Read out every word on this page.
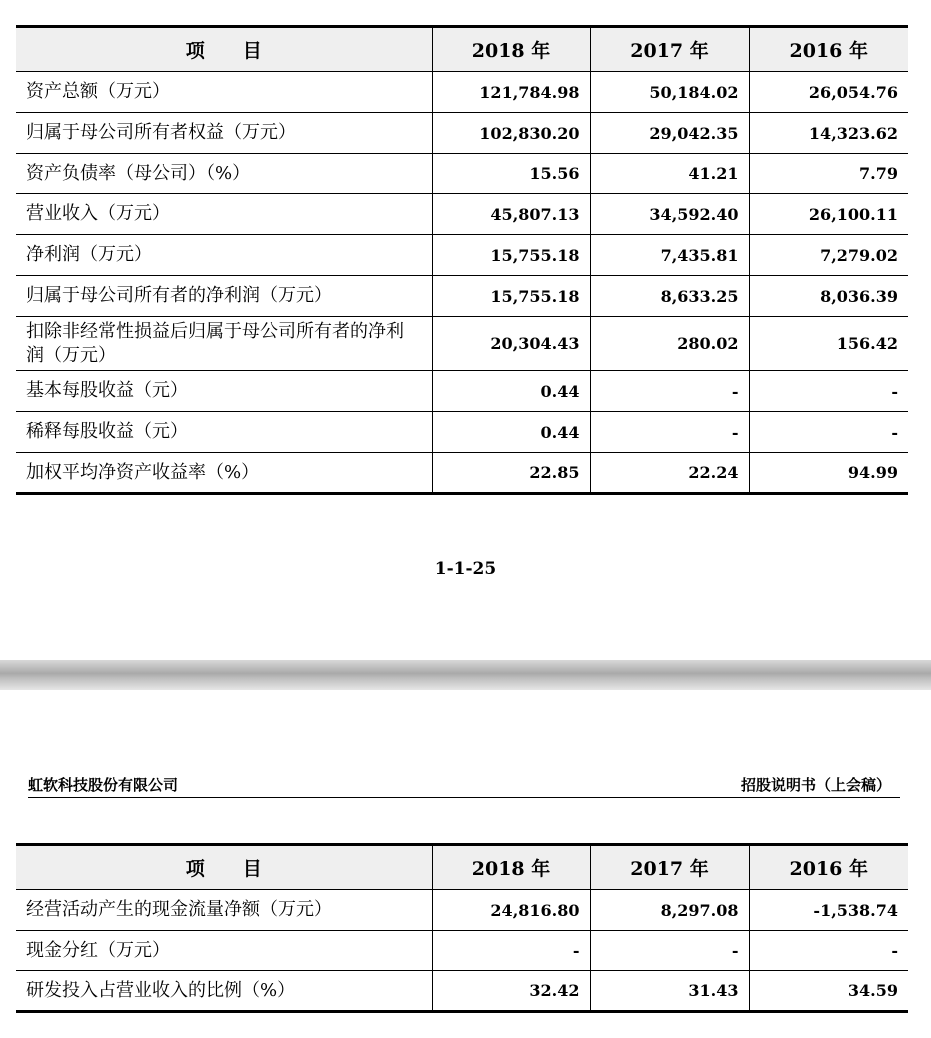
项　　目	2018 年	2017 年	2016 年
资产总额（万元）	121,784.98	50,184.02	26,054.76
归属于母公司所有者权益（万元）	102,830.20	29,042.35	14,323.62
资产负债率（母公司）（%）	15.56	41.21	7.79
营业收入（万元）	45,807.13	34,592.40	26,100.11
净利润（万元）	15,755.18	7,435.81	7,279.02
归属于母公司所有者的净利润（万元）	15,755.18	8,633.25	8,036.39
扣除非经常性损益后归属于母公司所有者的净利润（万元）	20,304.43	280.02	156.42
基本每股收益（元）	0.44	-	-
稀释每股收益（元）	0.44	-	-
加权平均净资产收益率（%）	22.85	22.24	94.99
1-1-25
虹软科技股份有限公司	招股说明书（上会稿）
项　　目	2018 年	2017 年	2016 年
经营活动产生的现金流量净额（万元）	24,816.80	8,297.08	-1,538.74
现金分红（万元）	-	-	-
研发投入占营业收入的比例（%）	32.42	31.43	34.59
